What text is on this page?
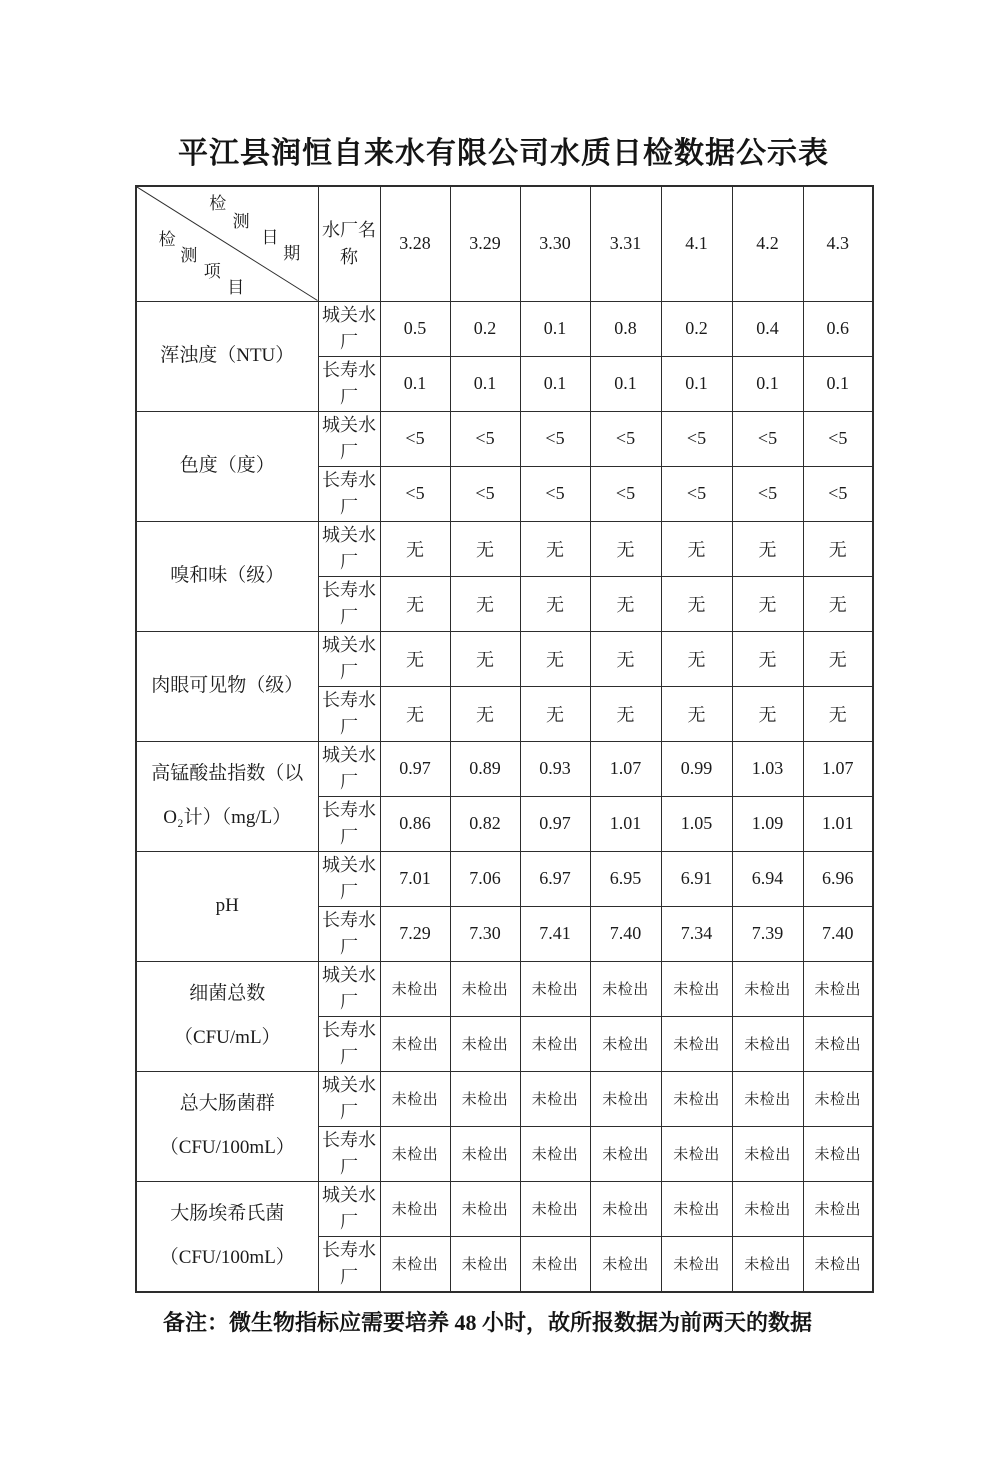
平江县润恒自来水有限公司水质日检数据公示表
检
测
日
期
检
测
项
目
	水厂名称	3.28	3.29	3.30	3.31	4.1	4.2	4.3

浑浊度（NTU）	城关水厂	0.5	0.2	0.1	0.8	0.2	0.4	0.6
	长寿水厂	0.1	0.1	0.1	0.1	0.1	0.1	0.1

色度（度）	城关水厂	<5	<5	<5	<5	<5	<5	<5
	长寿水厂	<5	<5	<5	<5	<5	<5	<5

嗅和味（级）	城关水厂	无	无	无	无	无	无	无
	长寿水厂	无	无	无	无	无	无	无

肉眼可见物（级）	城关水厂	无	无	无	无	无	无	无
	长寿水厂	无	无	无	无	无	无	无

高锰酸盐指数（以
O₂计）（mg/L）	城关水厂	0.97	0.89	0.93	1.07	0.99	1.03	1.07
	长寿水厂	0.86	0.82	0.97	1.01	1.05	1.09	1.01

pH	城关水厂	7.01	7.06	6.97	6.95	6.91	6.94	6.96
	长寿水厂	7.29	7.30	7.41	7.40	7.34	7.39	7.40

细菌总数
（CFU/mL）	城关水厂	未检出	未检出	未检出	未检出	未检出	未检出	未检出
	长寿水厂	未检出	未检出	未检出	未检出	未检出	未检出	未检出

总大肠菌群
（CFU/100mL）	城关水厂	未检出	未检出	未检出	未检出	未检出	未检出	未检出
	长寿水厂	未检出	未检出	未检出	未检出	未检出	未检出	未检出

大肠埃希氏菌
（CFU/100mL）	城关水厂	未检出	未检出	未检出	未检出	未检出	未检出	未检出
	长寿水厂	未检出	未检出	未检出	未检出	未检出	未检出	未检出

备注：微生物指标应需要培养 48 小时，故所报数据为前两天的数据
